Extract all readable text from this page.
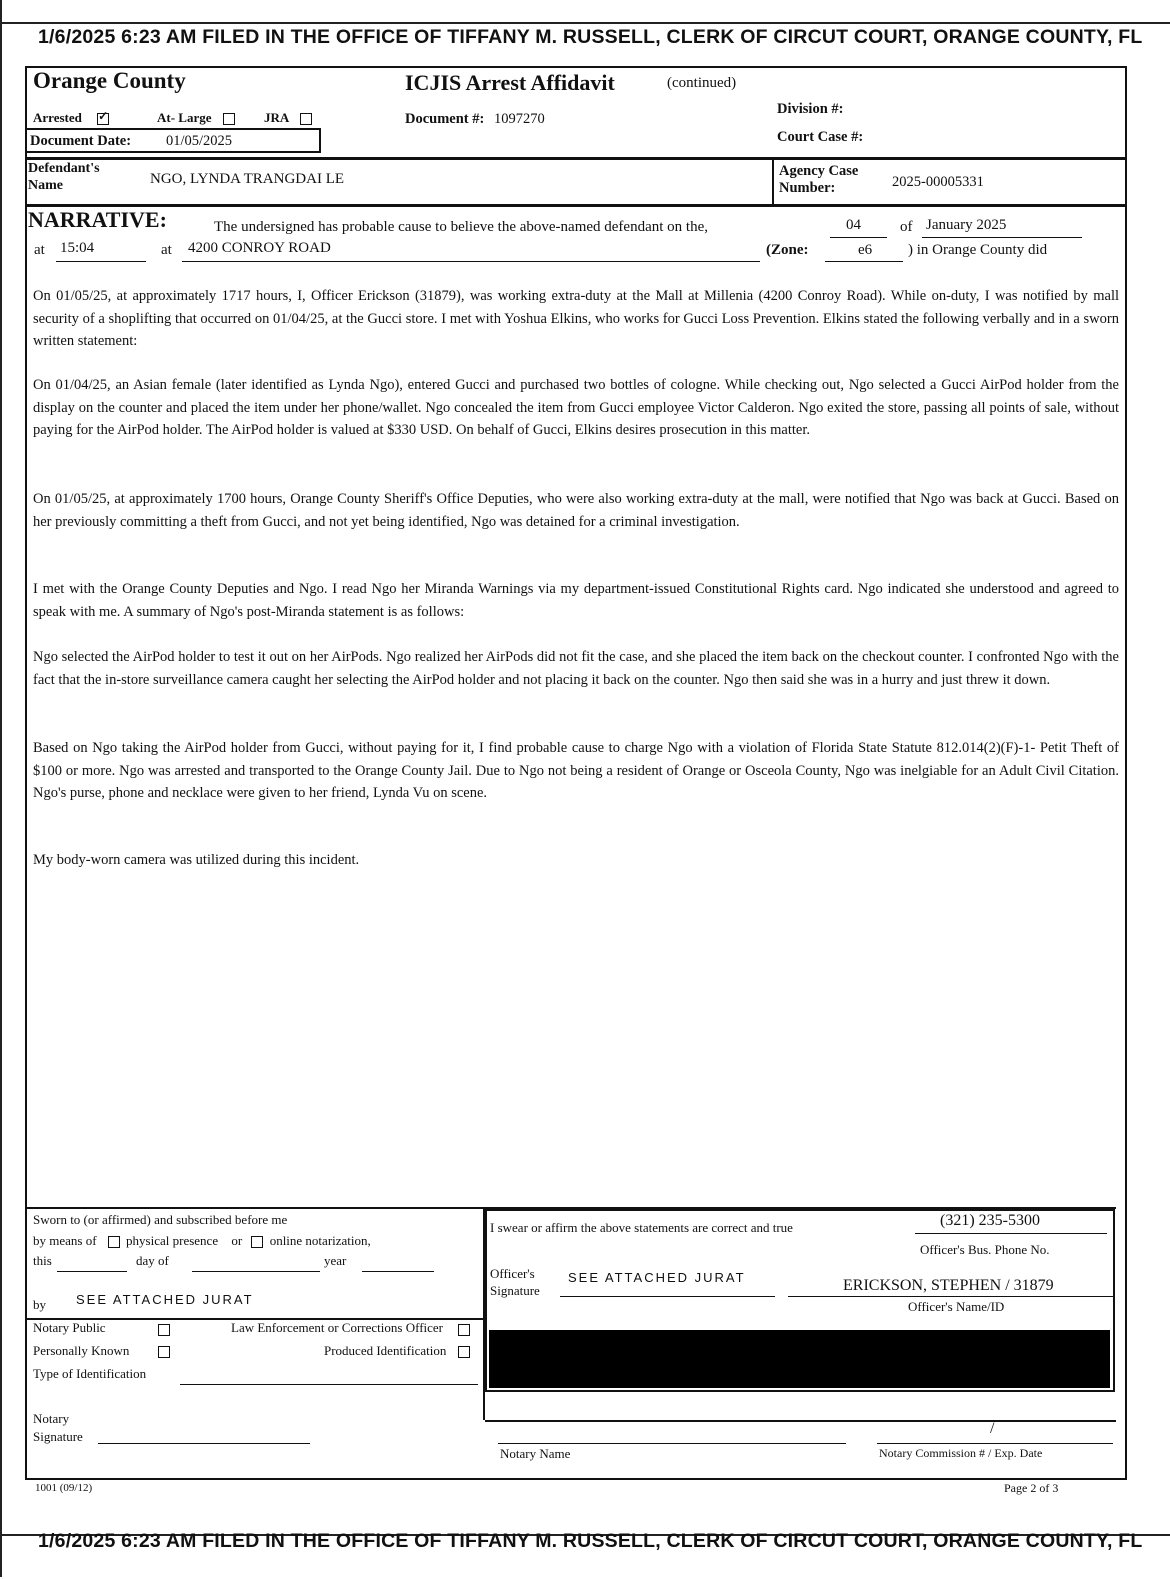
1/6/2025 6:23 AM FILED IN THE OFFICE OF TIFFANY M. RUSSELL, CLERK OF CIRCUT COURT, ORANGE COUNTY, FL
1/6/2025 6:23 AM FILED IN THE OFFICE OF TIFFANY M. RUSSELL, CLERK OF CIRCUT COURT, ORANGE COUNTY, FL
Orange County	ICJIS Arrest Affidavit	(continued)
Arrested ✓	At- Large	JRA	Document #: 1097270
Division #:
Court Case #:
Document Date: 01/05/2025
Defendant's
Name	NGO, LYNDA TRANGDAI LE	Agency Case
Number:	2025-00005331
NARRATIVE:	The undersigned has probable cause to believe the above-named defendant on the,	04	of January 2025
at 15:04	at 4200 CONROY ROAD	(Zone:	e6 ) in Orange County did

On 01/05/25, at approximately 1717 hours, I, Officer Erickson (31879), was working extra-duty at the Mall at Millenia (4200 Conroy Road). While on-duty, I was notified by mall security of a shoplifting that occurred on 01/04/25, at the Gucci store. I met with Yoshua Elkins, who works for Gucci Loss Prevention. Elkins stated the following verbally and in a sworn written statement:

On 01/04/25, an Asian female (later identified as Lynda Ngo), entered Gucci and purchased two bottles of cologne. While checking out, Ngo selected a Gucci AirPod holder from the display on the counter and placed the item under her phone/wallet. Ngo concealed the item from Gucci employee Victor Calderon. Ngo exited the store, passing all points of sale, without paying for the AirPod holder. The AirPod holder is valued at $330 USD. On behalf of Gucci, Elkins desires prosecution in this matter.

On 01/05/25, at approximately 1700 hours, Orange County Sheriff's Office Deputies, who were also working extra-duty at the mall, were notified that Ngo was back at Gucci. Based on her previously committing a theft from Gucci, and not yet being identified, Ngo was detained for a criminal investigation.

I met with the Orange County Deputies and Ngo. I read Ngo her Miranda Warnings via my department-issued Constitutional Rights card. Ngo indicated she understood and agreed to speak with me. A summary of Ngo's post-Miranda statement is as follows:

Ngo selected the AirPod holder to test it out on her AirPods. Ngo realized her AirPods did not fit the case, and she placed the item back on the checkout counter. I confronted Ngo with the fact that the in-store surveillance camera caught her selecting the AirPod holder and not placing it back on the counter. Ngo then said she was in a hurry and just threw it down.

Based on Ngo taking the AirPod holder from Gucci, without paying for it, I find probable cause to charge Ngo with a violation of Florida State Statute 812.014(2)(F)-1- Petit Theft of $100 or more. Ngo was arrested and transported to the Orange County Jail. Due to Ngo not being a resident of Orange or Osceola County, Ngo was inelgiable for an Adult Civil Citation. Ngo's purse, phone and necklace were given to her friend, Lynda Vu on scene.

My body-worn camera was utilized during this incident.

Sworn to (or affirmed) and subscribed before me
by means of physical presence or online notarization,
this	day of	year
by SEE ATTACHED JURAT
Notary Public	Law Enforcement or Corrections Officer
Personally Known	Produced Identification
Type of Identification
Notary
Signature
I swear or affirm the above statements are correct and true	(321) 235-5300
Officer's Bus. Phone No.
Officer's
Signature
SEE ATTACHED JURAT	ERICKSON, STEPHEN / 31879
Officer's Name/ID
Notary Name
/
Notary Commission # / Exp. Date
1001 (09/12)	Page 2 of 3
